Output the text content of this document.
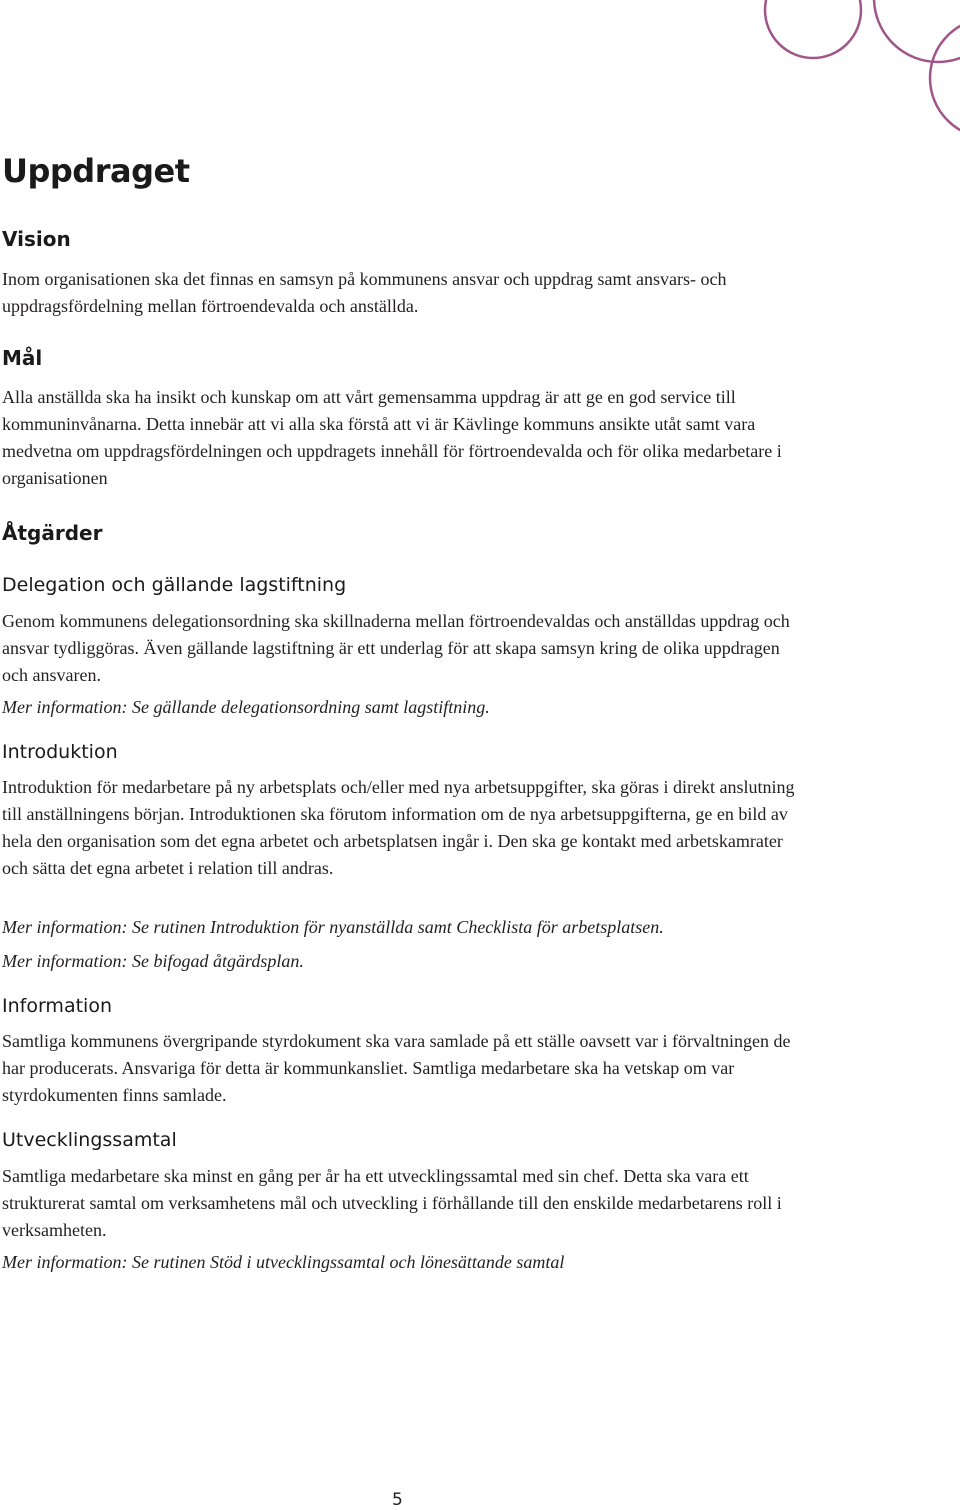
Uppdraget
Vision

Inom organisationen ska det finnas en samsyn på kommunens ansvar och uppdrag samt ansvars- och uppdragsfördelning mellan förtroendevalda och anställda.

Mål

Alla anställda ska ha insikt och kunskap om att vårt gemensamma uppdrag är att ge en god service till kommuninvånarna. Detta innebär att vi alla ska förstå att vi är Kävlinge kommuns ansikte utåt samt vara medvetna om uppdragsfördelningen och uppdragets innehåll för förtroendevalda och för olika medarbetare i organisationen

Åtgärder
Delegation och gällande lagstiftning

Genom kommunens delegationsordning ska skillnaderna mellan förtroendevaldas och anställdas uppdrag och ansvar tydliggöras. Även gällande lagstiftning är ett underlag för att skapa samsyn kring de olika uppdragen och ansvaren.

Mer information: Se gällande delegationsordning samt lagstiftning.

Introduktion

Introduktion för medarbetare på ny arbetsplats och/eller med nya arbetsuppgifter, ska göras i direkt anslutning till anställningens början. Introduktionen ska förutom information om de nya arbetsuppgifterna, ge en bild av hela den organisation som det egna arbetet och arbetsplatsen ingår i. Den ska ge kontakt med arbetskamrater och sätta det egna arbetet i relation till andras.

Mer information: Se rutinen Introduktion för nyanställda samt Checklista för arbetsplatsen.

Mer information: Se bifogad åtgärdsplan.

Information

Samtliga kommunens övergripande styrdokument ska vara samlade på ett ställe oavsett var i förvaltningen de har producerats. Ansvariga för detta är kommunkansliet. Samtliga medarbetare ska ha vetskap om var styrdokumenten finns samlade.

Utvecklingssamtal

Samtliga medarbetare ska minst en gång per år ha ett utvecklingssamtal med sin chef. Detta ska vara ett strukturerat samtal om verksamhetens mål och utveckling i förhållande till den enskilde medarbetarens roll i verksamheten.

Mer information: Se rutinen Stöd i utvecklingssamtal och lönesättande samtal

5
